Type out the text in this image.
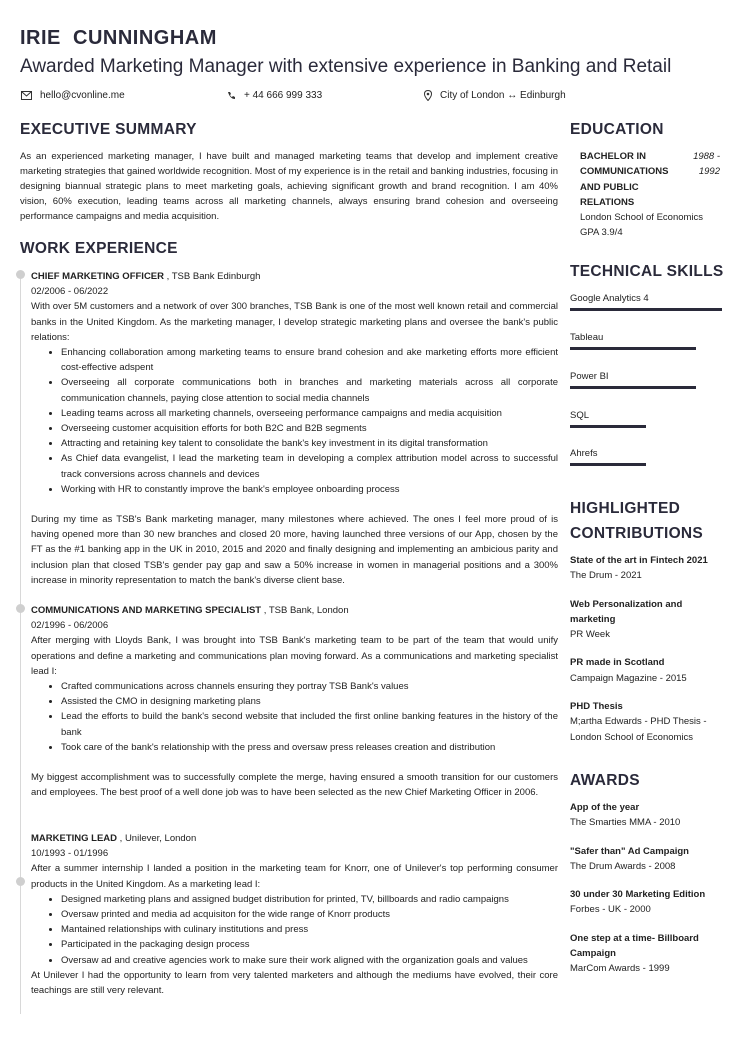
IRIE  CUNNINGHAM
Awarded Marketing Manager with extensive experience in Banking and Retail
hello@cvonline.me	+ 44 666 999 333	City of London ↔ Edinburgh
EXECUTIVE SUMMARY
As an experienced marketing manager, I have built and managed marketing teams that develop and implement creative marketing strategies that gained worldwide recognition. Most of my experience is in the retail and banking industries, focusing in designing biannual strategic plans to meet marketing goals, achieving significant growth and brand recognition. I am 40% vision, 60% execution, leading teams across all marketing channels, always ensuring brand cohesion and overseeing performance campaigns and media acquisition.
WORK EXPERIENCE

CHIEF MARKETING OFFICER , TSB Bank Edinburgh

02/2006 - 06/2022

With over 5M customers and a network of over 300 branches, TSB Bank is one of the most well known retail and commercial banks in the United Kingdom. As the marketing manager, I develop strategic marketing plans and oversee the bank's public relations:

• Enhancing collaboration among marketing teams to ensure brand cohesion and ake marketing efforts more efficient cost-effective adspent
• Overseeing all corporate communications both in branches and marketing materials across all corporate communication channels, paying close attention to social media channels
• Leading teams across all marketing channels, overseeing performance campaigns and media acquisition
• Overseeing customer acquisition efforts for both B2C and B2B segments
• Attracting and retaining key talent to consolidate the bank's key investment in its digital transformation
• As Chief data evangelist, I lead the marketing team in developing a complex attribution model across to successful track conversions across channels and devices
• Working with HR to constantly improve the bank's employee onboarding process

During my time as TSB's Bank marketing manager, many milestones where achieved. The ones I feel more proud of is having opened more than 30 new branches and closed 20 more, having launched three versions of our App, chosen by the FT as the #1 banking app in the UK in 2010, 2015 and 2020 and finally designing and implementing an ambicious parity and inclusion plan that closed TSB's gender pay gap and saw a 50% increase in women in managerial positions and a 300% increase in minority representation to match the bank's diverse client base.

COMMUNICATIONS AND MARKETING SPECIALIST , TSB Bank, London

02/1996 - 06/2006

After merging with Lloyds Bank, I was brought into TSB Bank's marketing team to be part of the team that would unify operations and define a marketing and communications plan moving forward. As a communications and marketing specialist lead I:

• Crafted communications across channels ensuring they portray TSB Bank's values
• Assisted the CMO in designing marketing plans
• Lead the efforts to build the bank's second website that included the first online banking features in the history of the bank
• Took care of the bank's relationship with the press and oversaw press releases creation and distribution

My biggest accomplishment was to successfully complete the merge, having ensured a smooth transition for our customers and employees. The best proof of a well done job was to have been selected as the new Chief Marketing Officer in 2006.

MARKETING LEAD , Unilever, London

10/1993 - 01/1996

After a summer internship I landed a position in the marketing team for Knorr, one of Unilever's top performing consumer products in the United Kingdom. As a marketing lead I:

• Designed marketing plans and assigned budget distribution for printed, TV, billboards and radio campaigns
• Oversaw printed and media ad acquisiton for the wide range of Knorr products
• Mantained relationships with culinary institutions and press
• Participated in the packaging design process
• Oversaw ad and creative agencies work to make sure their work aligned with the organization goals and values

At Unilever I had the opportunity to learn from very talented marketers and although the mediums have evolved, their core teachings are still very relevant.

EDUCATION
BACHELOR IN COMMUNICATIONS AND PUBLIC RELATIONS
1988 - 1992
London School of Economics
GPA 3.9/4
TECHNICAL SKILLS
Google Analytics 4
Tableau
Power BI
SQL
Ahrefs
HIGHLIGHTED
CONTRIBUTIONS
State of the art in Fintech 2021
The Drum - 2021
Web Personalization and marketing
PR Week
PR made in Scotland
Campaign Magazine - 2015
PHD Thesis
M;artha Edwards - PHD Thesis - London School of Economics
AWARDS
App of the year
The Smarties MMA - 2010
"Safer than" Ad Campaign
The Drum Awards - 2008
30 under 30 Marketing Edition
Forbes - UK - 2000
One step at a time- Billboard Campaign
MarCom Awards - 1999
